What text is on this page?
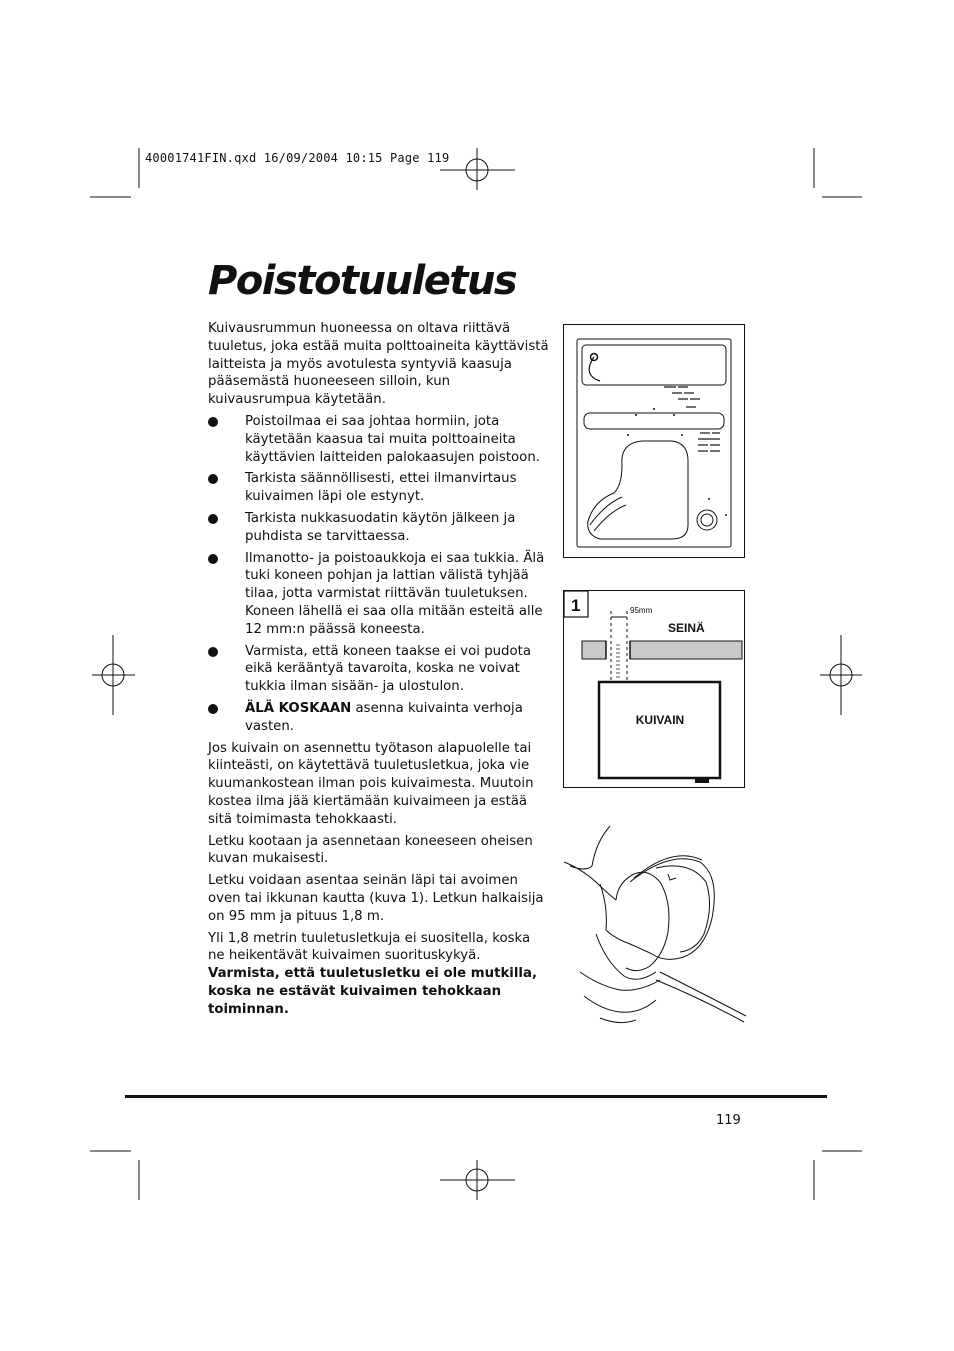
40001741FIN.qxd 16/09/2004 10:15 Page 119
Poistotuuletus

Kuivausrummun huoneessa on oltava riittävä tuuletus, joka estää muita polttoaineita käyttävistä laitteista ja myös avotulesta syntyviä kaasuja pääsemästä huoneeseen silloin, kun kuivausrumpua käytetään.

Poistoilmaa ei saa johtaa hormiin, jota käytetään kaasua tai muita polttoaineita käyttävien laitteiden palokaasujen poistoon.
Tarkista säännöllisesti, ettei ilmanvirtaus kuivaimen läpi ole estynyt.
Tarkista nukkasuodatin käytön jälkeen ja puhdista se tarvittaessa.
Ilmanotto- ja poistoaukkoja ei saa tukkia. Älä tuki koneen pohjan ja lattian välistä tyhjää tilaa, jotta varmistat riittävän tuuletuksen. Koneen lähellä ei saa olla mitään esteitä alle 12 mm:n päässä koneesta.
Varmista, että koneen taakse ei voi pudota eikä kerääntyä tavaroita, koska ne voivat tukkia ilman sisään- ja ulostulon.
ÄLÄ KOSKAAN asenna kuivainta verhoja vasten.

Jos kuivain on asennettu työtason alapuolelle tai kiinteästi, on käytettävä tuuletusletkua, joka vie kuumankostean ilman pois kuivaimesta. Muutoin kostea ilma jää kiertämään kuivaimeen ja estää sitä toimimasta tehokkaasti.

Letku kootaan ja asennetaan koneeseen oheisen kuvan mukaisesti.

Letku voidaan asentaa seinän läpi tai avoimen oven tai ikkunan kautta (kuva 1). Letkun halkaisija on 95 mm ja pituus 1,8 m.

Yli 1,8 metrin tuuletusletkuja ei suositella, koska ne heikentävät kuivaimen suorituskykyä.
Varmista, että tuuletusletku ei ole mutkilla, koska ne estävät kuivaimen tehokkaan toiminnan.

1	95mm
SEINÄ
KUIVAIN
119
